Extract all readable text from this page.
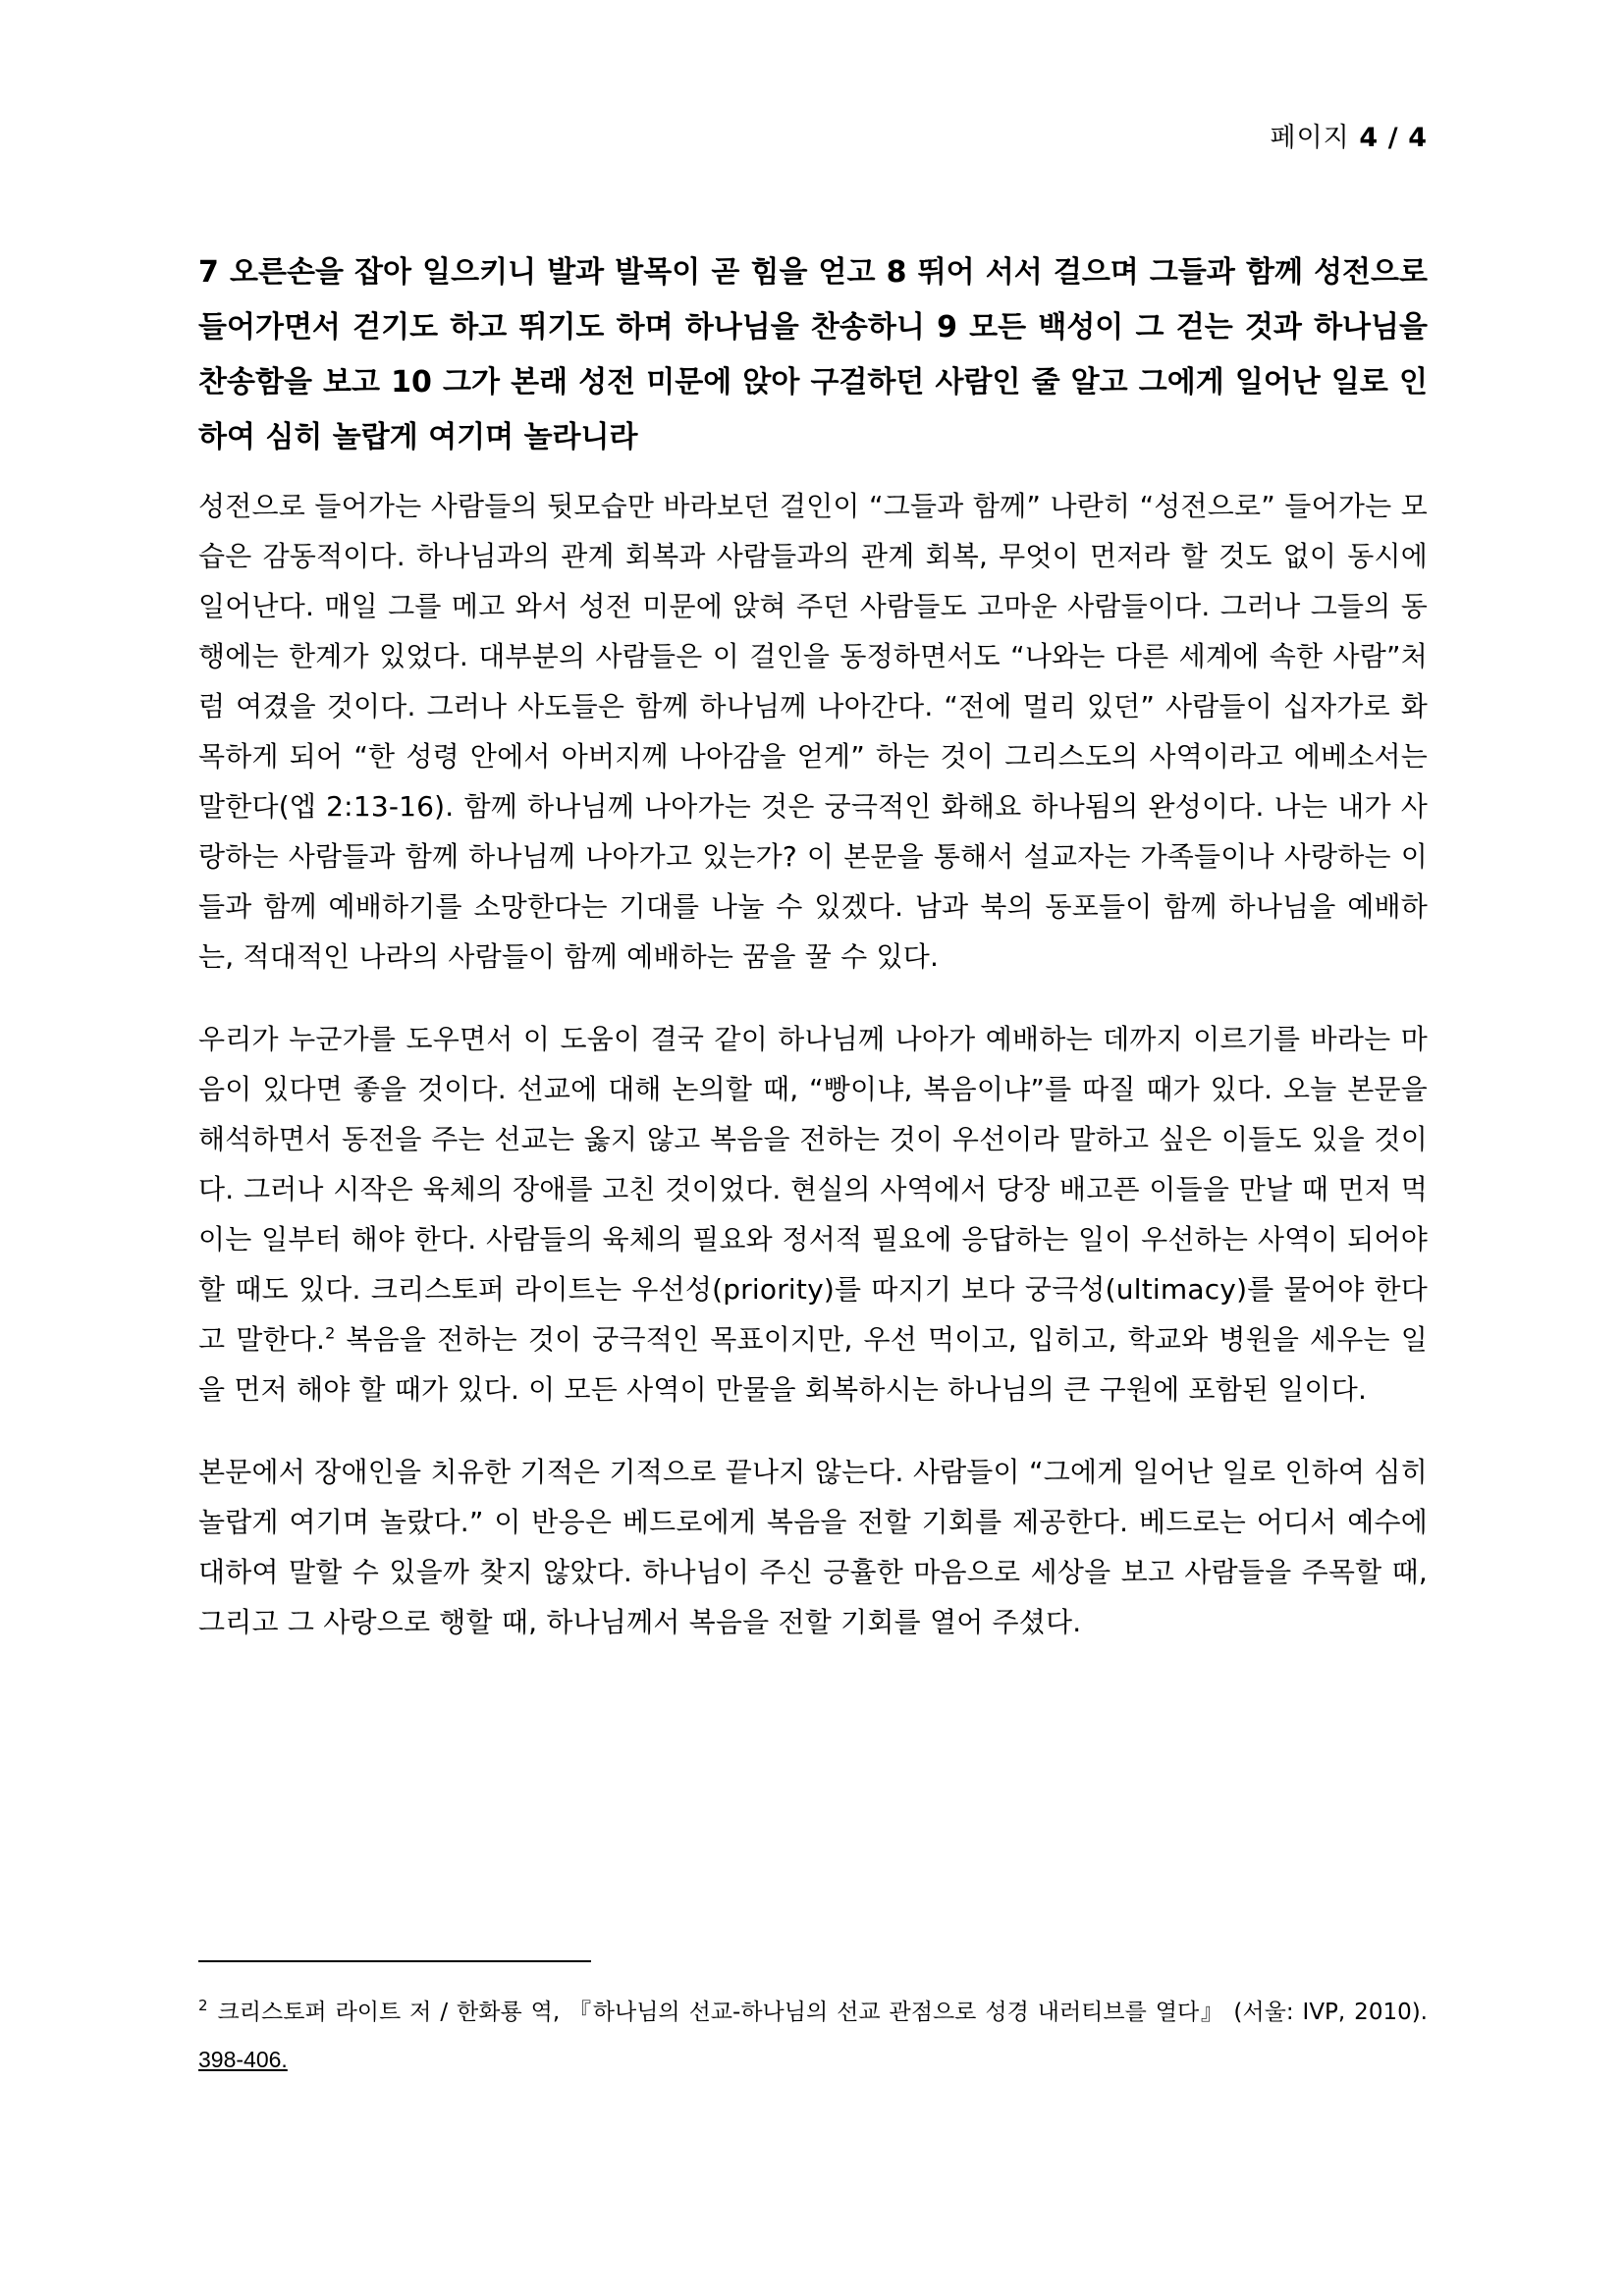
페이지 4 / 4

7 오른손을 잡아 일으키니 발과 발목이 곧 힘을 얻고 8 뛰어 서서 걸으며 그들과 함께 성전으로 들어가면서 걷기도 하고 뛰기도 하며 하나님을 찬송하니 9 모든 백성이 그 걷는 것과 하나님을 찬송함을 보고 10 그가 본래 성전 미문에 앉아 구걸하던 사람인 줄 알고 그에게 일어난 일로 인하여 심히 놀랍게 여기며 놀라니라

성전으로 들어가는 사람들의 뒷모습만 바라보던 걸인이 “그들과 함께” 나란히 “성전으로” 들어가는 모습은 감동적이다. 하나님과의 관계 회복과 사람들과의 관계 회복, 무엇이 먼저라 할 것도 없이 동시에 일어난다. 매일 그를 메고 와서 성전 미문에 앉혀 주던 사람들도 고마운 사람들이다. 그러나 그들의 동행에는 한계가 있었다. 대부분의 사람들은 이 걸인을 동정하면서도 “나와는 다른 세계에 속한 사람”처럼 여겼을 것이다. 그러나 사도들은 함께 하나님께 나아간다. “전에 멀리 있던” 사람들이 십자가로 화목하게 되어 “한 성령 안에서 아버지께 나아감을 얻게” 하는 것이 그리스도의 사역이라고 에베소서는 말한다(엡 2:13-16). 함께 하나님께 나아가는 것은 궁극적인 화해요 하나됨의 완성이다. 나는 내가 사랑하는 사람들과 함께 하나님께 나아가고 있는가? 이 본문을 통해서 설교자는 가족들이나 사랑하는 이들과 함께 예배하기를 소망한다는 기대를 나눌 수 있겠다. 남과 북의 동포들이 함께 하나님을 예배하는, 적대적인 나라의 사람들이 함께 예배하는 꿈을 꿀 수 있다.

우리가 누군가를 도우면서 이 도움이 결국 같이 하나님께 나아가 예배하는 데까지 이르기를 바라는 마음이 있다면 좋을 것이다. 선교에 대해 논의할 때, “빵이냐, 복음이냐”를 따질 때가 있다. 오늘 본문을 해석하면서 동전을 주는 선교는 옳지 않고 복음을 전하는 것이 우선이라 말하고 싶은 이들도 있을 것이다. 그러나 시작은 육체의 장애를 고친 것이었다. 현실의 사역에서 당장 배고픈 이들을 만날 때 먼저 먹이는 일부터 해야 한다. 사람들의 육체의 필요와 정서적 필요에 응답하는 일이 우선하는 사역이 되어야 할 때도 있다. 크리스토퍼 라이트는 우선성(priority)를 따지기 보다 궁극성(ultimacy)를 물어야 한다고 말한다.$^2$ 복음을 전하는 것이 궁극적인 목표이지만, 우선 먹이고, 입히고, 학교와 병원을 세우는 일을 먼저 해야 할 때가 있다. 이 모든 사역이 만물을 회복하시는 하나님의 큰 구원에 포함된 일이다.

본문에서 장애인을 치유한 기적은 기적으로 끝나지 않는다. 사람들이 “그에게 일어난 일로 인하여 심히 놀랍게 여기며 놀랐다.” 이 반응은 베드로에게 복음을 전할 기회를 제공한다. 베드로는 어디서 예수에 대하여 말할 수 있을까 찾지 않았다. 하나님이 주신 긍휼한 마음으로 세상을 보고 사람들을 주목할 때, 그리고 그 사랑으로 행할 때, 하나님께서 복음을 전할 기회를 열어 주셨다.

$^2$ 크리스토퍼 라이트 저 / 한화룡 역, 『하나님의 선교-하나님의 선교 관점으로 성경 내러티브를 열다』 (서울: IVP, 2010). 398-406.
